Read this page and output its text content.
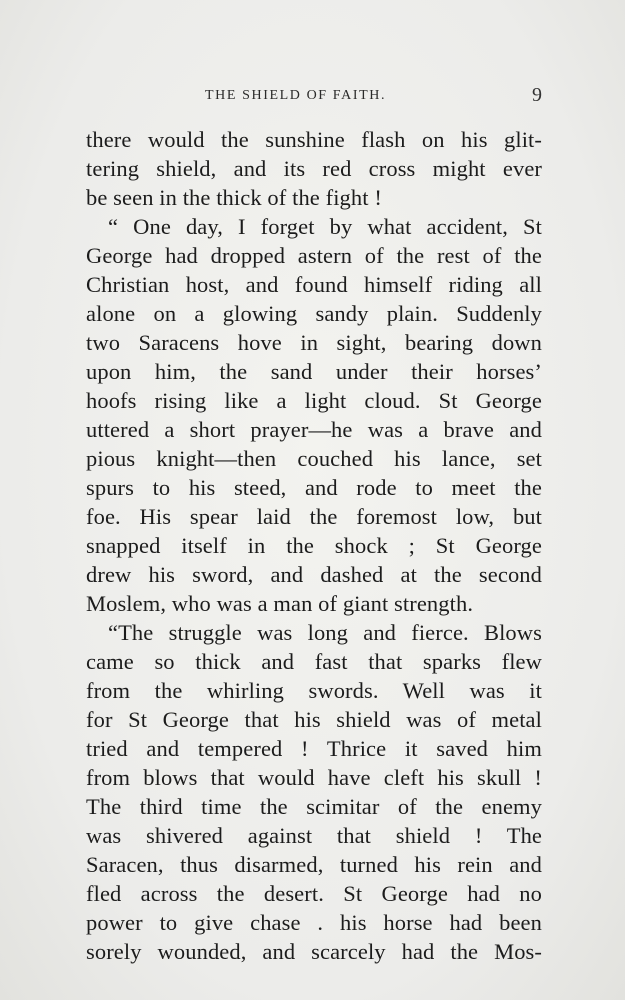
THE SHIELD OF FAITH.	9
there would the sunshine flash on his glit-
tering shield, and its red cross might ever
be seen in the thick of the fight !
“ One day, I forget by what accident, St
George had dropped astern of the rest of the
Christian host, and found himself riding all
alone on a glowing sandy plain. Suddenly
two Saracens hove in sight, bearing down
upon him, the sand under their horses’
hoofs rising like a light cloud. St George
uttered a short prayer—he was a brave and
pious knight—then couched his lance, set
spurs to his steed, and rode to meet the
foe. His spear laid the foremost low, but
snapped itself in the shock ; St George
drew his sword, and dashed at the second
Moslem, who was a man of giant strength.
“The struggle was long and fierce. Blows
came so thick and fast that sparks flew
from the whirling swords. Well was it
for St George that his shield was of metal
tried and tempered ! Thrice it saved him
from blows that would have cleft his skull !
The third time the scimitar of the enemy
was shivered against that shield ! The
Saracen, thus disarmed, turned his rein and
fled across the desert. St George had no
power to give chase . his horse had been
sorely wounded, and scarcely had the Mos-
